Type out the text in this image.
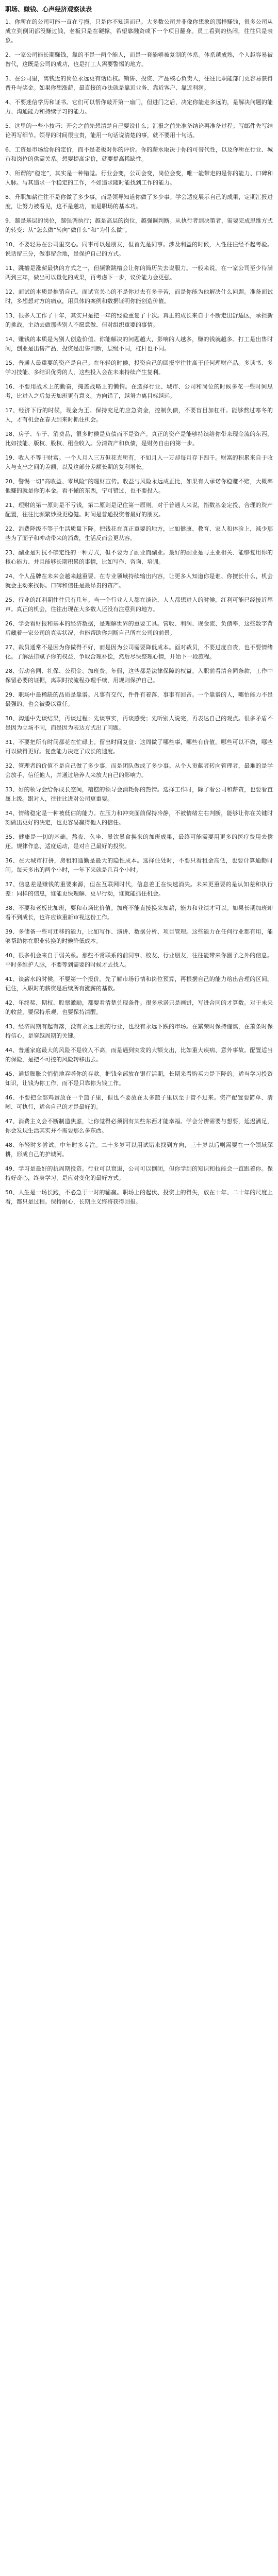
职场、赚钱、心声经济观察读表

1、你所在的公司可能一直在亏损，只是你不知道而已。大多数公司并非像你想象的那样赚钱，很多公司从成立到倒闭都没赚过钱，老板只是在硬撑，希望靠融资或下一个项目翻身。员工看到的热闹，往往只是表象。

2、一家公司能长期赚钱，靠的不是一两个能人，而是一套能够被复制的体系。体系越成熟，个人越容易被替代，这既是公司的成功，也是打工人需要警惕的地方。

3、在公司里，离钱近的岗位永远更有话语权。销售、投资、产品核心负责人，往往比职能部门更容易获得晋升与奖金。如果你想涨薪，最直接的办法就是靠近业务、靠近客户、靠近利润。

4、不要迷信学历和证书。它们可以帮你敲开第一扇门，但进门之后，决定你能走多远的，是解决问题的能力、沟通能力和持续学习的能力。

5、这里的一些小技巧：开会之前先想清楚自己要说什么；汇报之前先准备结论再准备过程；写邮件先写结论再写细节。领导的时间很宝贵，能用一句话说清楚的事，就不要用十句话。

6、工资是市场给你的定价，而不是老板对你的评价。你的薪水取决于你的可替代性，以及你所在行业、城市和岗位的供需关系。想要提高定价，就要提高稀缺性。

7、所谓的“稳定”，其实是一种错觉。行业会变，公司会变，岗位会变，唯一能带走的是你的能力、口碑和人脉。与其追求一个稳定的工作，不如追求随时能找到工作的能力。

8、升职加薪往往不是你做了多少事，而是领导知道你做了多少事。学会适度展示自己的成果，定期汇报进度，让努力被看见，这不是邀功，而是职场的基本功。

9、越是基层的岗位，越强调执行；越是高层的岗位，越强调判断。从执行者到决策者，需要完成思维方式的转变：从“怎么做”转向“做什么”和“为什么做”。

10、不要轻易在公司里交心。同事可以是朋友，但首先是同事。涉及利益的时候，人性往往经不起考验。说话留三分，做事留余地，是保护自己的方式。

11、跳槽是涨薪最快的方式之一，但频繁跳槽会让你的简历失去说服力。一般来说，在一家公司至少待满两到三年，做出可以量化的成果，再考虑下一步，议价能力会更强。

12、面试的本质是推销自己。面试官关心的不是你过去有多辛苦，而是你能为他解决什么问题。准备面试时，多想想对方的痛点，用具体的案例和数据证明你能创造价值。

13、很多人工作了十年，其实只是把一年的经验重复了十次。真正的成长来自于不断走出舒适区，承担新的挑战，主动去做那些别人不愿意做、但对组织重要的事情。

14、赚钱的本质是为别人创造价值。你能解决的问题越大，影响的人越多，赚的钱就越多。打工是出售时间，创业是出售产品，投资是出售判断，层级不同，杠杆也不同。

15、普通人最重要的资产是自己。在年轻的时候，投资自己的回报率往往高于任何理财产品。多读书、多学习技能、多结识优秀的人，这些投入会在未来持续产生复利。

16、不要用战术上的勤奋，掩盖战略上的懒惰。在选择行业、城市、公司和岗位的时候多花一些时间思考，比进入之后每天加班更有意义。方向错了，越努力离目标越远。

17、经济下行的时候，现金为王。保持充足的应急资金，控制负债，不要盲目加杠杆。能够熬过寒冬的人，才有机会在春天到来时抓住机会。

18、房子、车子、消费品，很多时候是负债而不是资产。真正的资产是能够持续给你带来现金流的东西，比如技能、版权、股权、租金收入。分清资产和负债，是财务自由的第一步。

19、收入不等于财富。一个人月入三万但花光所有，不如月入一万却每月存下四千。财富的积累来自于收入与支出之间的差额，以及这部分差额长期的复利增长。

20、警惕一切“高收益、零风险”的理财宣传。收益与风险永远成正比，如果有人承诺你稳赚不赔，大概率他赚的就是你的本金。看不懂的东西，宁可错过，也不要投入。

21、理财的第一原则是不亏钱，第二原则是记住第一原则。对于普通人来说，指数基金定投、合理的资产配置，往往比频繁炒股更稳健。时间是普通投资者最好的朋友。

22、消费降级不等于生活质量下降。把钱花在真正重要的地方，比如健康、教育、家人和体验上，减少那些为了面子和冲动带来的消费，生活反而会更从容。

23、副业是对抗不确定性的一种方式，但不要为了副业而副业。最好的副业是与主业相关、能够复用你的核心能力、并且能够长期积累的事情，比如写作、咨询、培训。

24、个人品牌在未来会越来越重要。在专业领域持续输出内容，让更多人知道你是谁、你擅长什么，机会就会主动来找你。口碑和信任是最昂贵的资产。

25、行业的红利期往往只有几年。当一个行业人人都在谈论、人人都想进入的时候，红利可能已经接近尾声。真正的机会，往往出现在大多数人还没有注意到的地方。

26、学会看财报和基本的经济数据，是理解世界的重要工具。营收、利润、现金流、负债率，这些数字背后藏着一家公司的真实状况，也能帮助你判断自己所在公司的前景。

27、裁员通常不是因为你做得不好，而是因为公司需要降低成本。面对裁员，不要过度自责，也不要情绪化。了解法律赋予你的权益，争取合理补偿，然后尽快整理心情，开始下一段旅程。

28、劳动合同、社保、公积金、加班费、年假，这些都是法律保障的权益。入职前看清合同条款，工作中保留必要的证据，离职时按流程办理手续，用规则保护自己。

29、职场中最稀缺的品质是靠谱。凡事有交代，件件有着落，事事有回音。一个靠谱的人，哪怕能力不是最强的，也会被委以重任。

30、沟通中先谈结果，再谈过程；先谈事实，再谈感受；先听别人说完，再表达自己的观点。很多矛盾不是因为立场不同，而是因为表达方式出了问题。

31、不要把所有时间都花在忙碌上。留出时间复盘：这周做了哪些事，哪些有价值，哪些可以不做，哪些可以做得更好。复盘能力决定了成长的速度。

32、管理者的价值不是自己做了多少事，而是团队做成了多少事。从个人贡献者转向管理者，最难的是学会放手、信任他人，并通过培养人来放大自己的影响力。

33、好的领导会给你成长空间，糟糕的领导会消耗你的热情。选择工作时，除了看公司和薪资，也要看直属上级。跟对人，往往比进对公司更重要。

34、情绪稳定是一种被低估的能力。在压力和冲突面前保持冷静，不被情绪左右判断，能够让你在关键时刻做出更好的决定，也更容易赢得他人的信任。

35、健康是一切的基础。熬夜、久坐、暴饮暴食换来的加班成果，最终可能需要用更多的医疗费用去偿还。规律作息、适度运动，是对自己最好的投资。

36、在大城市打拼，房租和通勤是最大的隐性成本。选择住处时，不要只看租金高低，也要计算通勤时间。每天多出的两个小时，一年下来就是几百个小时。

37、信息差是赚钱的重要来源，但在互联网时代，信息差正在快速消失。未来更重要的是认知差和执行差：同样的信息，谁能更快理解、更早行动，谁就能抓住机会。

38、不要和老板比加班，要和市场比价值。加班不能直接换来加薪，能力和业绩才可以。如果长期加班却看不到成长，也许应该重新审视这份工作。

39、多储备一些可迁移的能力，比如写作、演讲、数据分析、项目管理。这些能力在任何行业都有用，能够帮助你在职业转换的时候降低成本。

40、很多机会来自于弱关系。那些不常联系的前同事、校友、行业朋友，往往能带来你圈子之外的信息。平时多维护人脉，不要等到需要的时候才去找人。

41、谈薪水的时候，不要第一个报价。先了解市场行情和岗位预算，再根据自己的能力给出合理的区间。记住，入职时的薪资是后续所有涨薪的基数。

42、年终奖、期权、股票激励，都要看清楚兑现条件。很多承诺只是画饼，写进合同的才算数。对于未来的收益，要保持乐观，也要保持清醒。

43、经济周期有起有落，没有永远上涨的行业，也没有永远下跌的市场。在繁荣时保持谨慎，在萧条时保持信心，是穿越周期的关键。

44、普通家庭最大的风险不是收入不高，而是遇到突发的大额支出，比如重大疾病、意外事故。配置适当的保险，是把不可控的风险转移出去。

45、通货膨胀会悄悄地吞噬你的存款。把钱全部放在银行活期，长期来看购买力是下降的。适当学习投资知识，让钱为你工作，而不是只靠你为钱工作。

46、不要把全部鸡蛋放在一个篮子里，但也不要放在太多篮子里以至于管不过来。资产配置要简单、清晰、可执行，适合自己的才是最好的。

47、消费主义会不断制造焦虑，让你觉得必须拥有某些东西才能幸福。学会分辨需要与想要，延迟满足，你会发现生活其实并不需要那么多东西。

48、年轻时多尝试，中年时多专注。二十多岁可以用试错来找到方向，三十岁以后则需要在一个领域深耕，形成自己的护城河。

49、学习是最好的抗周期投资。行业可以衰退，公司可以倒闭，但你学到的知识和技能会一直跟着你。保持好奇心，终身学习，是应对变化的最好方式。

50、人生是一场长跑，不必急于一时的输赢。职场上的起伏、投资上的得失，放在十年、二十年的尺度上看，都只是过程。保持耐心，长期主义终将获得回报。
